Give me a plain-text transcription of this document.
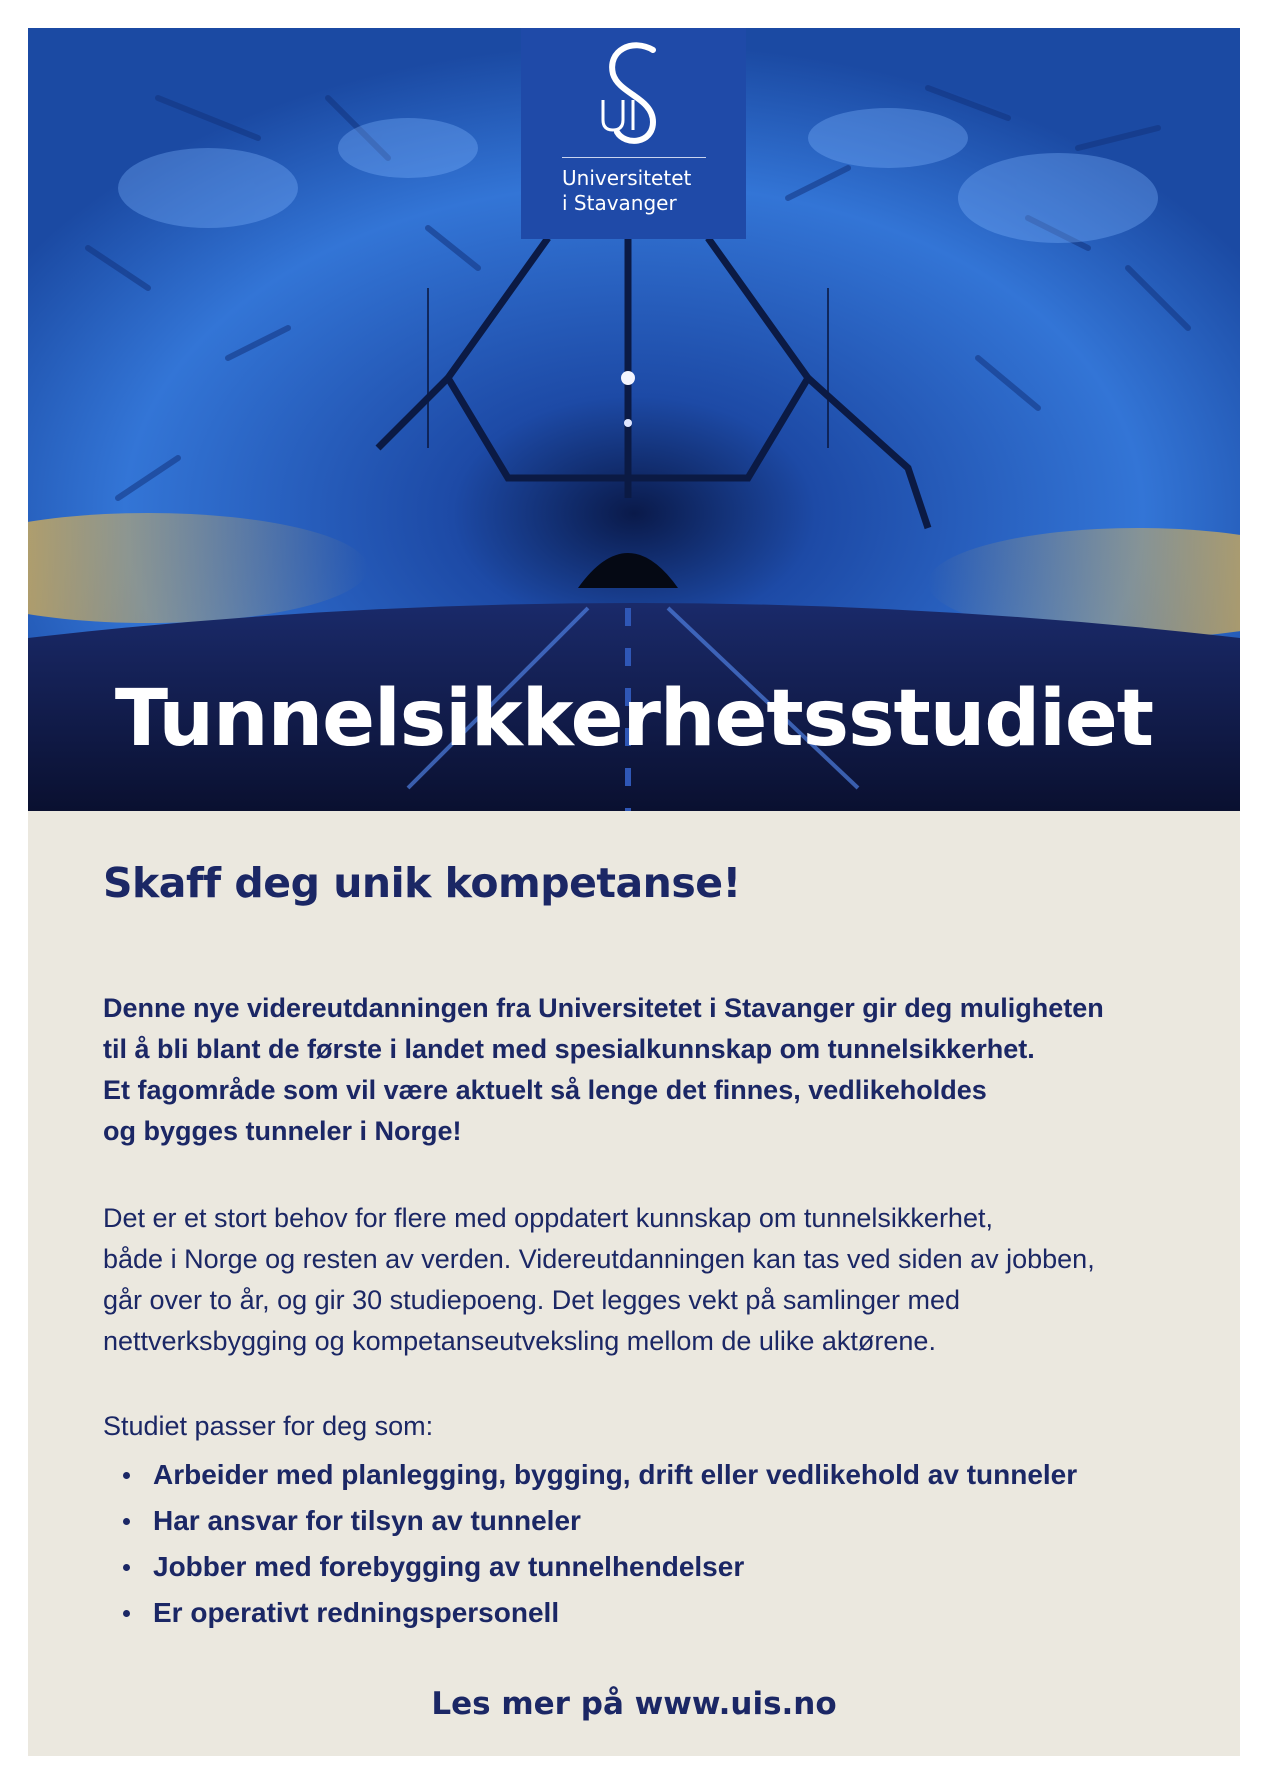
Tunnelsikkerhetsstudiet
Universitetet
i Stavanger
Skaff deg unik kompetanse!
Denne nye videreutdanningen fra Universitetet i Stavanger gir deg muligheten
til å bli blant de første i landet med spesialkunnskap om tunnelsikkerhet.
Et fagområde som vil være aktuelt så lenge det finnes, vedlikeholdes
og bygges tunneler i Norge!
Det er et stort behov for flere med oppdatert kunnskap om tunnelsikkerhet,
både i Norge og resten av verden. Videreutdanningen kan tas ved siden av jobben,
går over to år, og gir 30 studiepoeng. Det legges vekt på samlinger med
nettverksbygging og kompetanseutveksling mellom de ulike aktørene.
Studiet passer for deg som:
Arbeider med planlegging, bygging, drift eller vedlikehold av tunneler
Har ansvar for tilsyn av tunneler
Jobber med forebygging av tunnelhendelser
Er operativt redningspersonell
Les mer på www.uis.no
